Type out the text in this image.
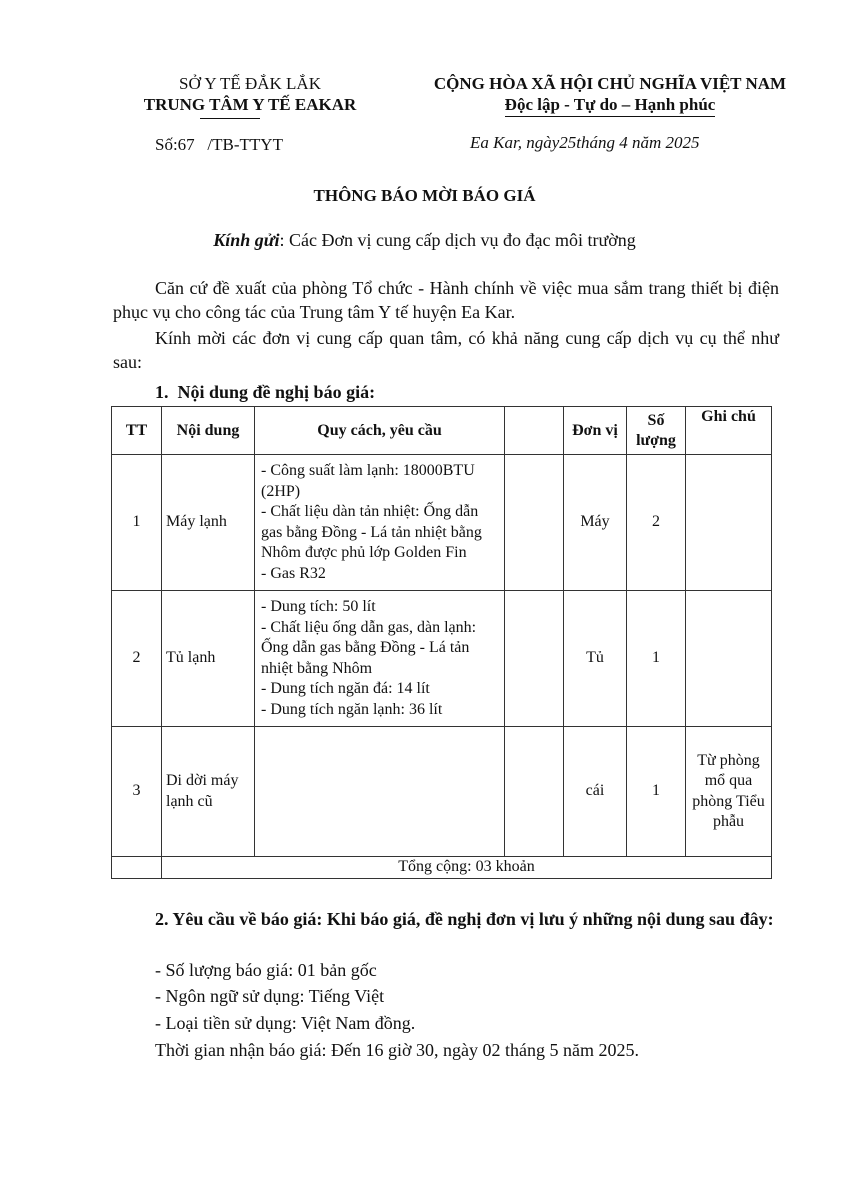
SỞ Y TẾ ĐẮK LẮK
TRUNG TÂM Y TẾ EAKAR
CỘNG HÒA XÃ HỘI CHỦ NGHĨA VIỆT NAM
Độc lập - Tự do – Hạnh phúc
Số:67   /TB-TTYT	Ea Kar, ngày25tháng 4 năm 2025
THÔNG BÁO MỜI BÁO GIÁ
Kính gửi: Các Đơn vị cung cấp dịch vụ đo đạc môi trường
Căn cứ đề xuất của phòng Tổ chức - Hành chính về việc mua sắm trang thiết bị điện phục vụ cho công tác của Trung tâm Y tế huyện Ea Kar.
Kính mời các đơn vị cung cấp quan tâm, có khả năng cung cấp dịch vụ cụ thể như sau:
1.  Nội dung đề nghị báo giá:
TT	Nội dung	Quy cách, yêu cầu		Đơn vị	Số lượng	Ghi chú
1	Máy lạnh	- Công suất làm lạnh: 18000BTU (2HP)
- Chất liệu dàn tản nhiệt: Ống dẫn gas bằng Đồng - Lá tản nhiệt bằng Nhôm được phủ lớp Golden Fin
- Gas R32		Máy	2	
2	Tủ lạnh	- Dung tích: 50 lít
- Chất liệu ống dẫn gas, dàn lạnh: Ống dẫn gas bằng Đồng - Lá tản nhiệt bằng Nhôm
- Dung tích ngăn đá: 14 lít
- Dung tích ngăn lạnh: 36 lít		Tủ	1	
3	Di dời máy lạnh cũ			cái	1	Từ phòng mổ qua phòng Tiểu phẫu
	Tổng cộng: 03 khoản					
2. Yêu cầu về báo giá: Khi báo giá, đề nghị đơn vị lưu ý những nội dung sau đây:
- Số lượng báo giá: 01 bản gốc
- Ngôn ngữ sử dụng: Tiếng Việt
- Loại tiền sử dụng: Việt Nam đồng.
Thời gian nhận báo giá: Đến 16 giờ 30, ngày 02 tháng 5 năm 2025.
